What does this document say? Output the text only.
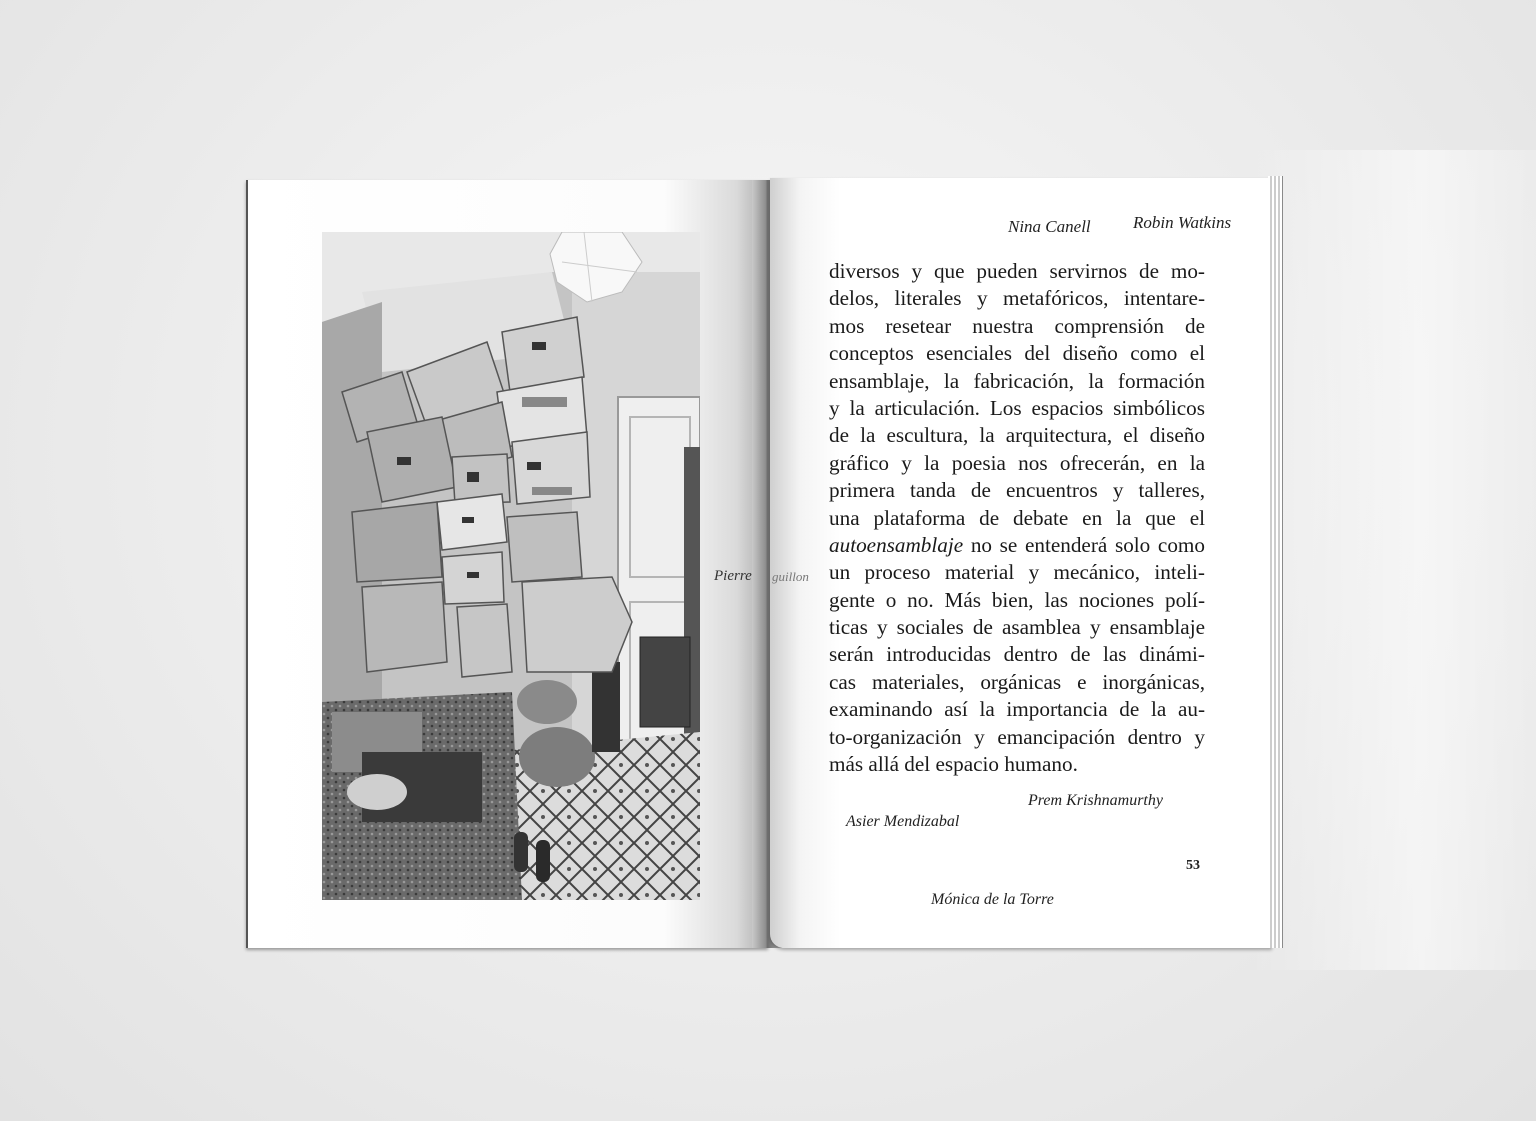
Nina Canell Robin Watkins
Pierre guillon
diversos y que pueden servirnos de mo-
delos, literales y metafóricos, intentare-
mos resetear nuestra comprensión de
conceptos esenciales del diseño como el
ensamblaje, la fabricación, la formación
y la articulación. Los espacios simbólicos
de la escultura, la arquitectura, el diseño
gráfico y la poesia nos ofrecerán, en la
primera tanda de encuentros y talleres,
una plataforma de debate en la que el
autoensamblaje no se entenderá solo como
un proceso material y mecánico, inteli-
gente o no. Más bien, las nociones polí-
ticas y sociales de asamblea y ensamblaje
serán introducidas dentro de las dinámi-
cas materiales, orgánicas e inorgánicas,
examinando así la importancia de la au-
to-organización y emancipación dentro y
más allá del espacio humano.
Prem Krishnamurthy
Asier Mendizabal
53
Mónica de la Torre
